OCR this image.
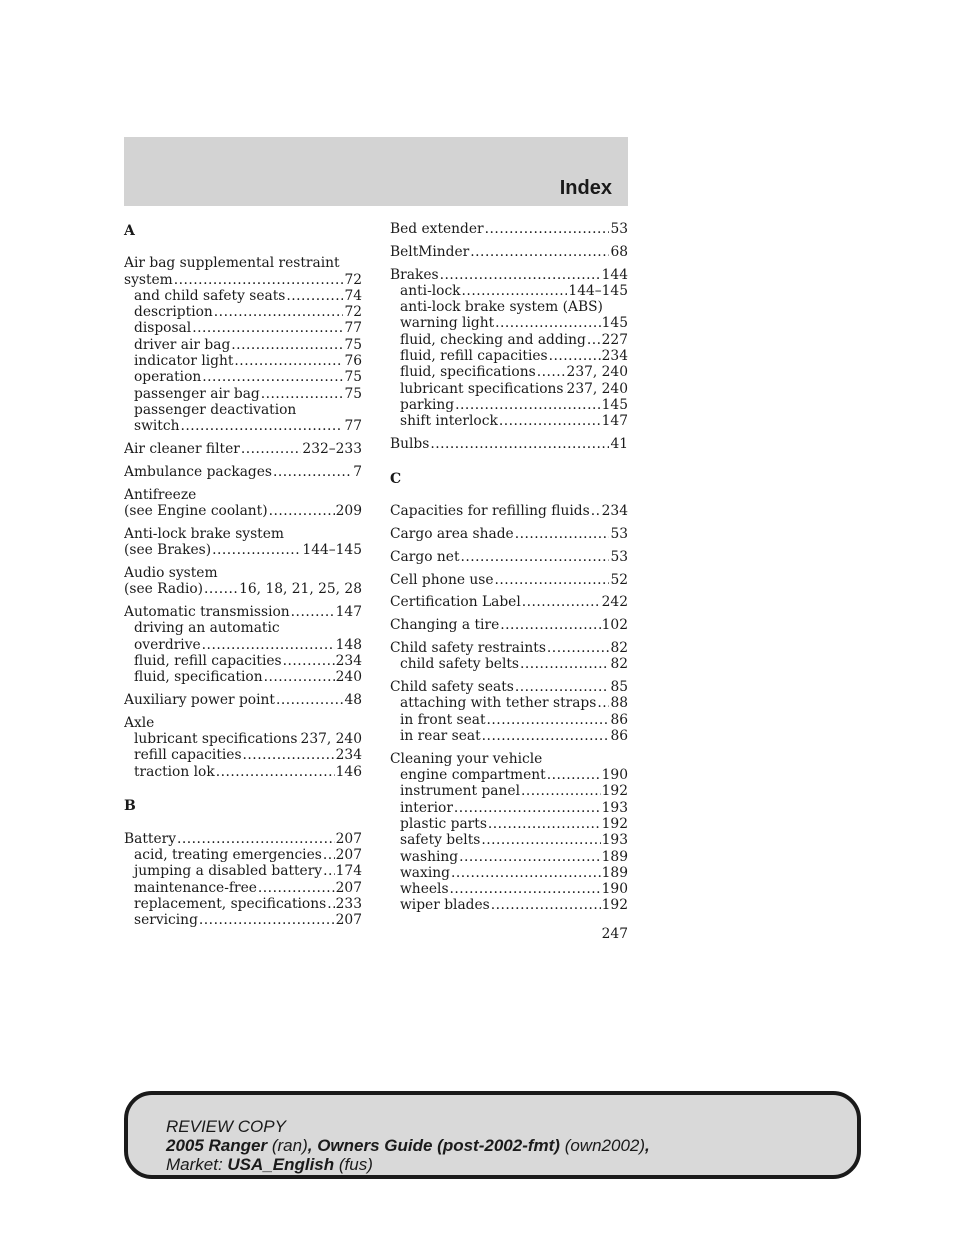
Index
A
Air bag supplemental restraint
system .....	72
and child safety seats .....	74
description .....	72
disposal .....	77
driver air bag .....	75
indicator light .....	76
operation .....	75
passenger air bag .....	75
passenger deactivation
switch .....	77
Air cleaner filter .....	232–233
Ambulance packages .....	7
Antifreeze
(see Engine coolant) .....	209
Anti-lock brake system
(see Brakes) .....	144–145
Audio system
(see Radio) .....	16, 18, 21, 25, 28
Automatic transmission .....	147
driving an automatic
overdrive .....	148
fluid, refill capacities .....	234
fluid, specification .....	240
Auxiliary power point .....	48
Axle
lubricant specifications ..... 237, 240
refill capacities .....	234
traction lok .....	146
B
Battery .....	207
acid, treating emergencies ..... 207
jumping a disabled battery ..... 174
maintenance-free .....	207
replacement, specifications ..... 233
servicing .....	207
Bed extender .....	53
BeltMinder .....	68
Brakes .....	144
anti-lock .....	144–145
anti-lock brake system (ABS)
warning light .....	145
fluid, checking and adding ..... 227
fluid, refill capacities .....	234
fluid, specifications ..... 237, 240
lubricant specifications ..... 237, 240
parking .....	145
shift interlock .....	147
Bulbs .....	41
C
Capacities for refilling fluids ..... 234
Cargo area shade .....	53
Cargo net .....	53
Cell phone use .....	52
Certification Label .....	242
Changing a tire .....	102
Child safety restraints .....	82
child safety belts .....	82
Child safety seats .....	85
attaching with tether straps ..... 88
in front seat .....	86
in rear seat .....	86
Cleaning your vehicle
engine compartment .....	190
instrument panel .....	192
interior .....	193
plastic parts .....	192
safety belts .....	193
washing .....	189
waxing .....	189
wheels .....	190
wiper blades .....	192
247
REVIEW COPY
2005 Ranger (ran), Owners Guide (post-2002-fmt) (own2002),
Market: USA_English (fus)
